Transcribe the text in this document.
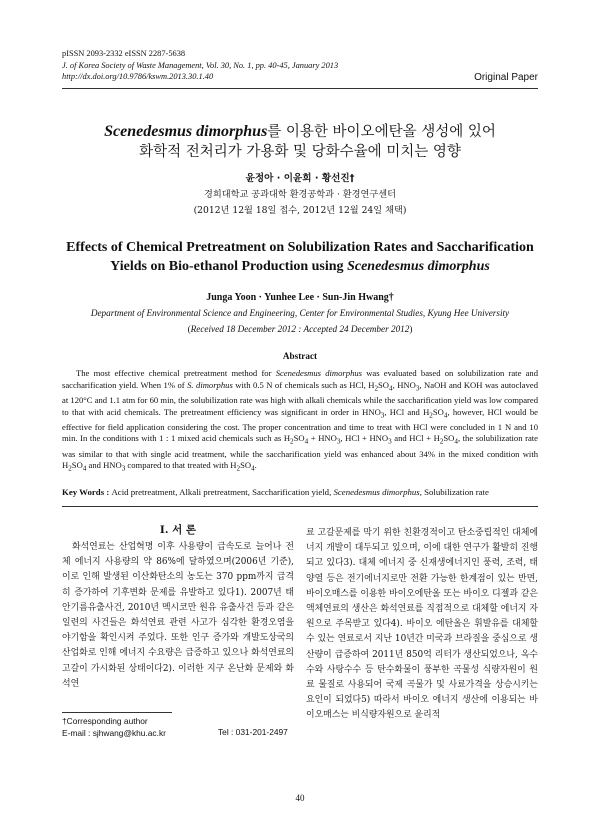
pISSN 2093-2332 eISSN 2287-5638
J. of Korea Society of Waste Management, Vol. 30, No. 1, pp. 40-45, January 2013
http://dx.doi.org/10.9786/kswm.2013.30.1.40	Original Paper
Scenedesmus dimorphus를 이용한 바이오에탄올 생성에 있어
화학적 전처리가 가용화 및 당화수율에 미치는 영향
윤정아 · 이윤희 · 황선진†
경희대학교 공과대학 환경공학과 · 환경연구센터
(2012년 12월 18일 접수, 2012년 12월 24일 채택)
Effects of Chemical Pretreatment on Solubilization Rates and Saccharification
Yields on Bio-ethanol Production using Scenedesmus dimorphus
Junga Yoon · Yunhee Lee · Sun-Jin Hwang†
Department of Environmental Science and Engineering, Center for Environmental Studies, Kyung Hee University
(Received 18 December 2012 : Accepted 24 December 2012)
Abstract
The most effective chemical pretreatment method for Scenedesmus dimorphus was evaluated based on solubilization rate and saccharification yield. When 1% of S. dimorphus with 0.5 N of chemicals such as HCl, $H_2SO_4$, $HNO_3$, NaOH and KOH was autoclaved at 120°C and 1.1 atm for 60 min, the solubilization rate was high with alkali chemicals while the saccharification yield was low compared to that with acid chemicals. The pretreatment efficiency was significant in order in $HNO_3$, HCl and $H_2SO_4$, however, HCl would be effective for field application considering the cost. The proper concentration and time to treat with HCl were concluded in 1 N and 10 min. In the conditions with 1 : 1 mixed acid chemicals such as $H_2SO_4 + HNO_3$, HCl + $HNO_3$ and HCl + $H_2SO_4$, the solubilization rate was similar to that with single acid treatment, while the saccharification yield was enhanced about 34% in the mixed condition with $H_2SO_4$ and $HNO_3$ compared to that treated with $H_2SO_4$.
Key Words : Acid pretreatment, Alkali pretreatment, Saccharification yield, Scenedesmus dimorphus, Solubilization rate
I. 서 론
화석연료는 산업혁명 이후 사용량이 급속도로 늘어나 전체 에너지 사용량의 약 86%에 달하였으며(2006년 기준), 이로 인해 발생된 이산화탄소의 농도는 370 ppm까지 급격히 증가하여 기후변화 문제를 유발하고 있다1). 2007년 태안기름유출사건, 2010년 멕시코만 원유 유출사건 등과 같은 일련의 사건들은 화석연료 관련 사고가 심각한 환경오염을 야기함을 확인시켜 주었다. 또한 인구 증가와 개발도상국의 산업화로 인해 에너지 수요량은 급증하고 있으나 화석연료의 고갈이 가시화된 상태이다2). 이러한 지구 온난화 문제와 화석연
료 고갈문제를 막기 위한 친환경적이고 탄소중립적인 대체에너지 개발이 대두되고 있으며, 이에 대한 연구가 활발히 진행되고 있다3). 대체 에너지 중 신재생에너지인 풍력, 조력, 태양열 등은 전기에너지로만 전환 가능한 한계점이 있는 반면, 바이오매스를 이용한 바이오에탄올 또는 바이오 디젤과 같은 액체연료의 생산은 화석연료를 직접적으로 대체할 에너지 자원으로 주목받고 있다4). 바이오 에탄올은 휘발유를 대체할 수 있는 연료로서 지난 10년간 미국과 브라질을 중심으로 생산량이 급증하여 2011년 850억 리터가 생산되었으나, 옥수수와 사탕수수 등 탄수화물이 풍부한 곡물성 식량자원이 원료 물질로 사용되어 국제 곡물가 및 사료가격을 상승시키는 요인이 되었다5) 따라서 바이오 에너지 생산에 이용되는 바이오매스는 비식량자원으로 윤리적
†Corresponding author
E-mail : sjhwang@khu.ac.kr	Tel : 031-201-2497
40
